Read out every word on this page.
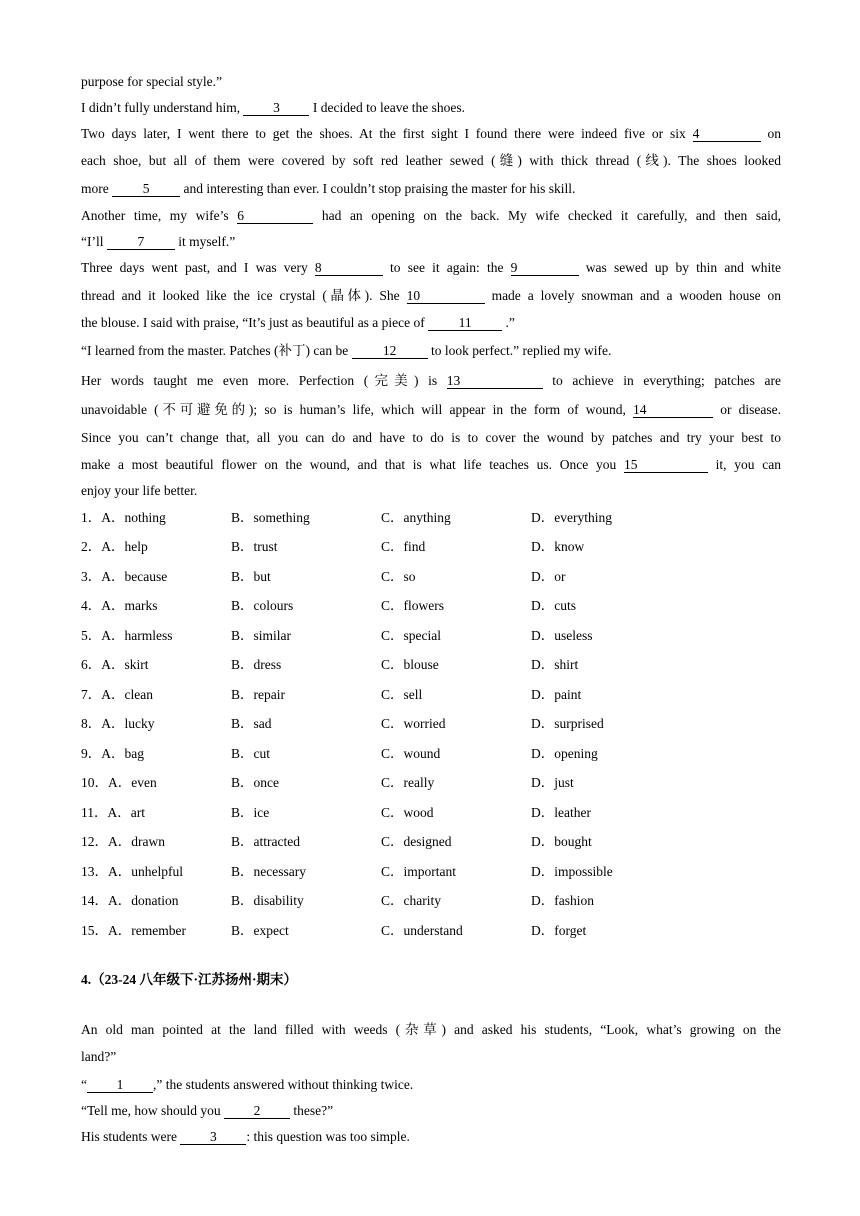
purpose for special style.”
I didn’t fully understand him, 3 I decided to leave the shoes.
Two days later, I went there to get the shoes. At the first sight I found there were indeed five or six 4	on
each shoe, but all of them were covered by soft red leather sewed (缝) with thick thread (线). The shoes looked
more 5 and interesting than ever. I couldn’t stop praising the master for his skill.
Another time, my wife’s 6	had an opening on the back. My wife checked it carefully, and then said,
“I’ll 7 it myself.”
Three days went past, and I was very 8	to see it again: the 9	was sewed up by thin and white
thread and it looked like the ice crystal (晶体). She 10	made a lovely snowman and a wooden house on
the blouse. I said with praise, “It’s just as beautiful as a piece of 11 .”
“I learned from the master. Patches (补丁) can be 12 to look perfect.” replied my wife.
Her words taught me even more. Perfection (完美) is 13	to achieve in everything; patches are
unavoidable (不可避免的); so is human’s life, which will appear in the form of wound, 14	or disease.
Since you can’t change that, all you can do and have to do is to cover the wound by patches and try your best to
make a most beautiful flower on the wound, and that is what life teaches us. Once you 15	it, you can
enjoy your life better.
1．A．nothing	B．something	C．anything	D．everything
2．A．help	B．trust	C．find	D．know
3．A．because	B．but	C．so	D．or
4．A．marks	B．colours	C．flowers	D．cuts
5．A．harmless	B．similar	C．special	D．useless
6．A．skirt	B．dress	C．blouse	D．shirt
7．A．clean	B．repair	C．sell	D．paint
8．A．lucky	B．sad	C．worried	D．surprised
9．A．bag	B．cut	C．wound	D．opening
10．A．even	B．once	C．really	D．just
11．A．art	B．ice	C．wood	D．leather
12．A．drawn	B．attracted	C．designed	D．bought
13．A．unhelpful	B．necessary	C．important	D．impossible
14．A．donation	B．disability	C．charity	D．fashion
15．A．remember	B．expect	C．understand	D．forget
4.（23-24 八年级下·江苏扬州·期末）
An old man pointed at the land filled with weeds (杂草) and asked his students, “Look, what’s growing on the
land?”
“ 1 ,” the students answered without thinking twice.
“Tell me, how should you 2 these?”
His students were 3 : this question was too simple.
